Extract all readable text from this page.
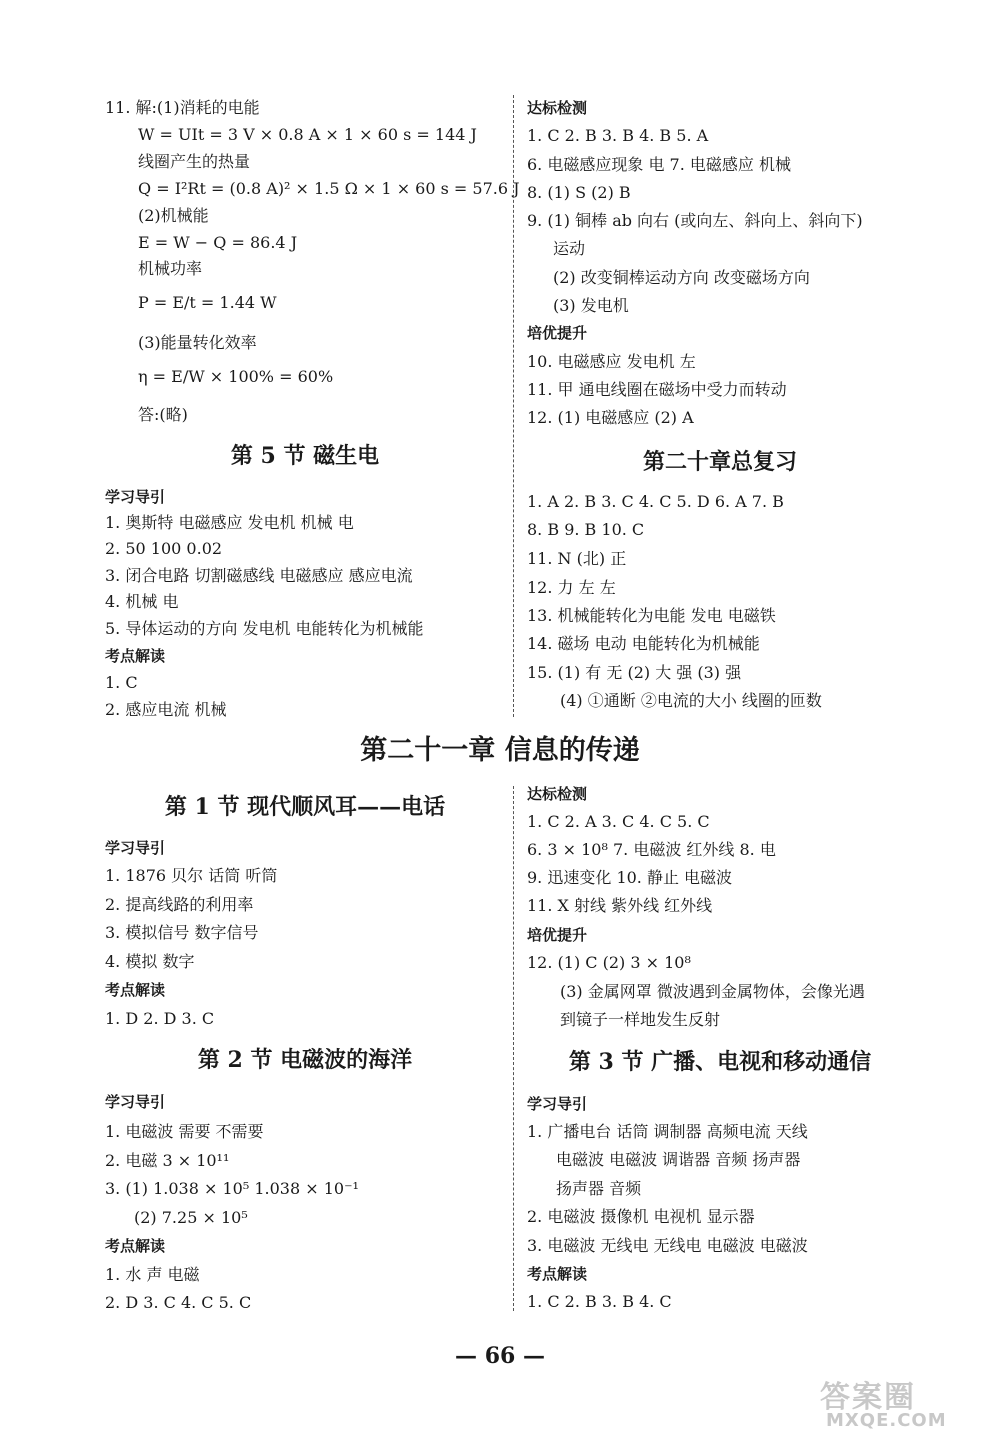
11. 解:(1)消耗的电能
W = UIt = 3 V × 0.8 A × 1 × 60 s = 144 J
线圈产生的热量
Q = I²Rt = (0.8 A)² × 1.5 Ω × 1 × 60 s = 57.6 J
(2)机械能
E = W − Q = 86.4 J
机械功率
P = E/t = 1.44 W
(3)能量转化效率
η = E/W × 100% = 60%
答:(略)
第 5 节 磁生电
学习导引
1. 奥斯特 电磁感应 发电机 机械 电
2. 50 100 0.02
3. 闭合电路 切割磁感线 电磁感应 感应电流
4. 机械 电
5. 导体运动的方向 发电机 电能转化为机械能
考点解读
1. C
2. 感应电流 机械
达标检测
1. C 2. B 3. B 4. B 5. A
6. 电磁感应现象 电 7. 电磁感应 机械
8. (1) S (2) B
9. (1) 铜棒 ab 向右 (或向左、斜向上、斜向下)
运动
(2) 改变铜棒运动方向 改变磁场方向
(3) 发电机
培优提升
10. 电磁感应 发电机 左
11. 甲 通电线圈在磁场中受力而转动
12. (1) 电磁感应 (2) A
第二十章总复习
1. A 2. B 3. C 4. C 5. D 6. A 7. B
8. B 9. B 10. C
11. N (北) 正
12. 力 左 左
13. 机械能转化为电能 发电 电磁铁
14. 磁场 电动 电能转化为机械能
15. (1) 有 无 (2) 大 强 (3) 强
(4) ①通断 ②电流的大小 线圈的匝数
第二十一章 信息的传递
第 1 节 现代顺风耳——电话
学习导引
1. 1876 贝尔 话筒 听筒
2. 提高线路的利用率
3. 模拟信号 数字信号
4. 模拟 数字
考点解读
1. D 2. D 3. C
第 2 节 电磁波的海洋
学习导引
1. 电磁波 需要 不需要
2. 电磁 3 × 10¹¹
3. (1) 1.038 × 10⁵ 1.038 × 10⁻¹
(2) 7.25 × 10⁵
考点解读
1. 水 声 电磁
2. D 3. C 4. C 5. C
达标检测
1. C 2. A 3. C 4. C 5. C
6. 3 × 10⁸ 7. 电磁波 红外线 8. 电
9. 迅速变化 10. 静止 电磁波
11. X 射线 紫外线 红外线
培优提升
12. (1) C (2) 3 × 10⁸
(3) 金属网罩 微波遇到金属物体，会像光遇
到镜子一样地发生反射
第 3 节 广播、电视和移动通信
学习导引
1. 广播电台 话筒 调制器 高频电流 天线
电磁波 电磁波 调谐器 音频 扬声器
扬声器 音频
2. 电磁波 摄像机 电视机 显示器
3. 电磁波 无线电 无线电 电磁波 电磁波
考点解读
1. C 2. B 3. B 4. C
— 66 —
答案圈
MXQE.COM
